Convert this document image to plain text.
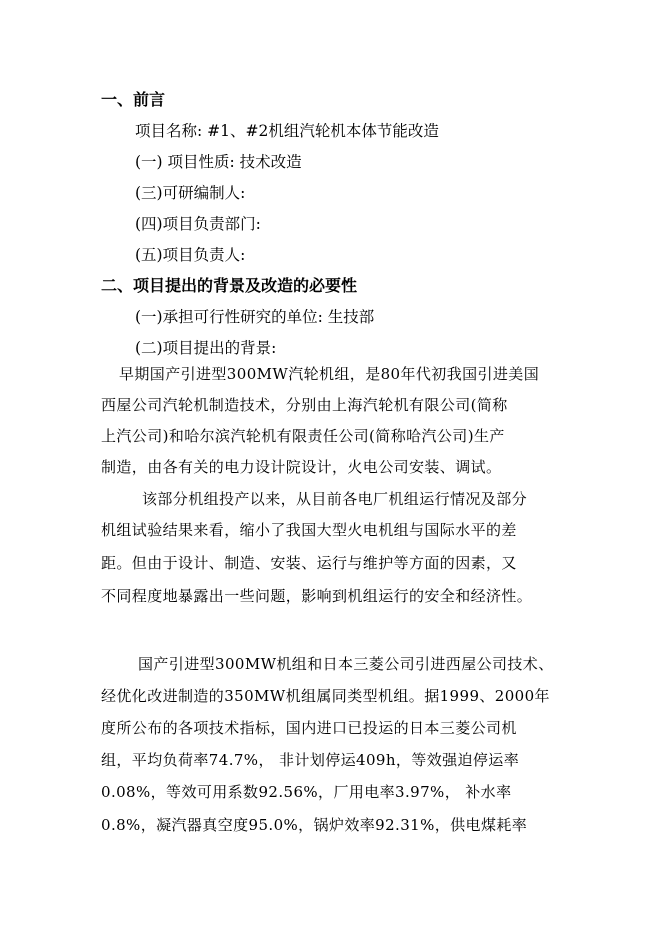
一、前言
项目名称: #1、#2机组汽轮机本体节能改造
(一) 项目性质: 技术改造
(三)可研编制人:
(四)项目负责部门:
(五)项目负责人:
二、项目提出的背景及改造的必要性
(一)承担可行性研究的单位: 生技部
(二)项目提出的背景:
早期国产引进型300MW汽轮机组，是80年代初我国引进美国
西屋公司汽轮机制造技术，分别由上海汽轮机有限公司(简称
上汽公司)和哈尔滨汽轮机有限责任公司(简称哈汽公司)生产
制造，由各有关的电力设计院设计，火电公司安装、调试。
该部分机组投产以来，从目前各电厂机组运行情况及部分
机组试验结果来看，缩小了我国大型火电机组与国际水平的差
距。但由于设计、制造、安装、运行与维护等方面的因素，又
不同程度地暴露出一些问题，影响到机组运行的安全和经济性。
国产引进型300MW机组和日本三菱公司引进西屋公司技术、
经优化改进制造的350MW机组属同类型机组。据1999、2000年
度所公布的各项技术指标，国内进口已投运的日本三菱公司机
组，平均负荷率74.7%， 非计划停运409h，等效强迫停运率
0.08%，等效可用系数92.56%，厂用电率3.97%， 补水率
0.8%，凝汽器真空度95.0%，锅炉效率92.31%，供电煤耗率
